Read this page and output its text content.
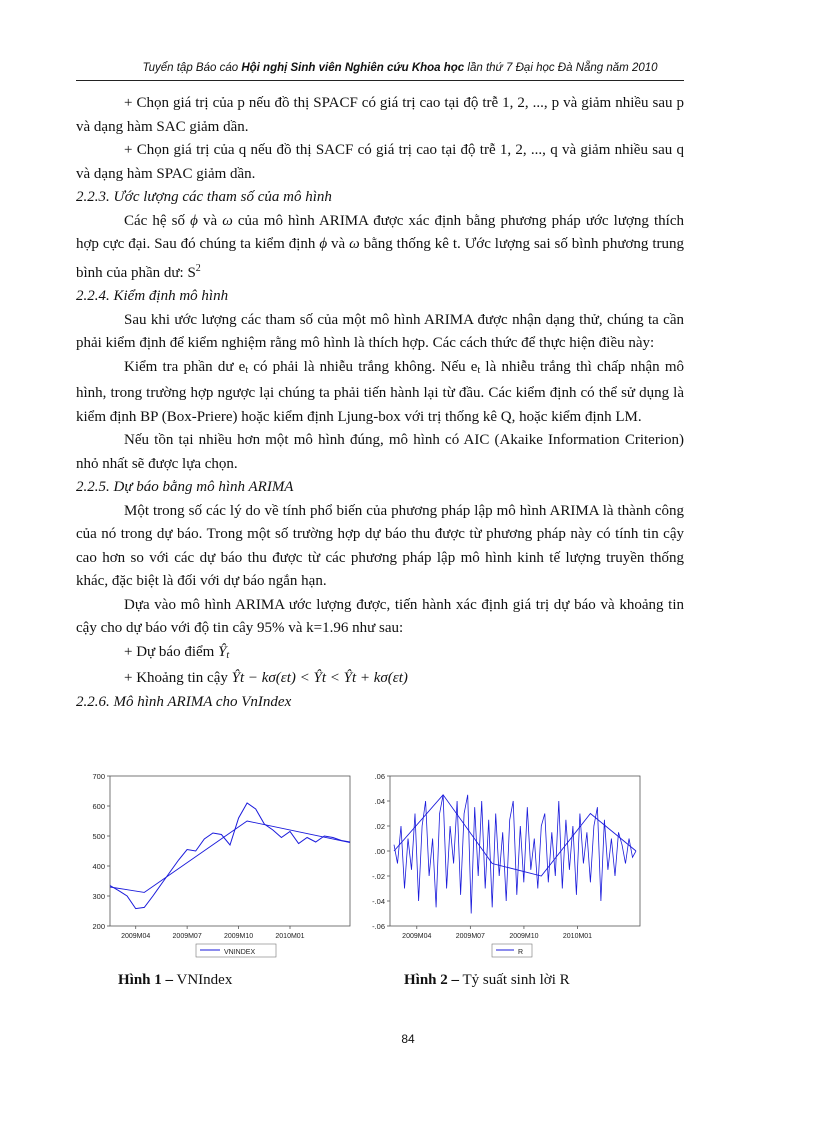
Tuyển tập Báo cáo Hội nghị Sinh viên Nghiên cứu Khoa học lần thứ 7 Đại học Đà Nẵng năm 2010

+ Chọn giá trị của p nếu đồ thị SPACF có giá trị cao tại độ trễ 1, 2, ..., p và giảm nhiều sau p và dạng hàm SAC giảm dần.

+ Chọn giá trị của q nếu đồ thị SACF có giá trị cao tại độ trễ 1, 2, ..., q và giảm nhiều sau q và dạng hàm SPAC giảm dần.

2.2.3. Ước lượng các tham số của mô hình

Các hệ số ϕ và ω của mô hình ARIMA được xác định bằng phương pháp ước lượng thích hợp cực đại. Sau đó chúng ta kiểm định ϕ và ω bằng thống kê t. Ước lượng sai số bình phương trung bình của phần dư: $S^2$

2.2.4. Kiểm định mô hình

Sau khi ước lượng các tham số của một mô hình ARIMA được nhận dạng thử, chúng ta cần phải kiểm định để kiểm nghiệm rằng mô hình là thích hợp. Các cách thức để thực hiện điều này:

Kiểm tra phần dư $e_t$ có phải là nhiễu trắng không. Nếu $e_t$ là nhiễu trắng thì chấp nhận mô hình, trong trường hợp ngược lại chúng ta phải tiến hành lại từ đầu. Các kiểm định có thể sử dụng là kiểm định BP (Box-Priere) hoặc kiểm định Ljung-box với trị thống kê Q, hoặc kiểm định LM.

Nếu tồn tại nhiều hơn một mô hình đúng, mô hình có AIC (Akaike Information Criterion) nhỏ nhất sẽ được lựa chọn.

2.2.5. Dự báo bằng mô hình ARIMA

Một trong số các lý do về tính phổ biến của phương pháp lập mô hình ARIMA là thành công của nó trong dự báo. Trong một số trường hợp dự báo thu được từ phương pháp này có tính tin cậy cao hơn so với các dự báo thu được từ các phương pháp lập mô hình kinh tế lượng truyền thống khác, đặc biệt là đối với dự báo ngắn hạn.

Dựa vào mô hình ARIMA ước lượng được, tiến hành xác định giá trị dự báo và khoảng tin cậy cho dự báo với độ tin cây 95% và k=1.96 như sau:

+ Dự báo điểm $Ŷ_t$

+ Khoảng tin cậy Ŷt − kσ(εt) < Ŷt < Ŷt + kσ(εt)

2.2.6. Mô hình ARIMA cho VnIndex
200
300
400
500
600
700
2009M04	2009M07	2009M10	2010M01
VNINDEX
Hình 1 – VNIndex
-.06
-.04
-.02
.00
.02
.04
.06
2009M04	2009M07	2009M10	2010M01
R
Hình 2 – Tỷ suất sinh lời R
84
